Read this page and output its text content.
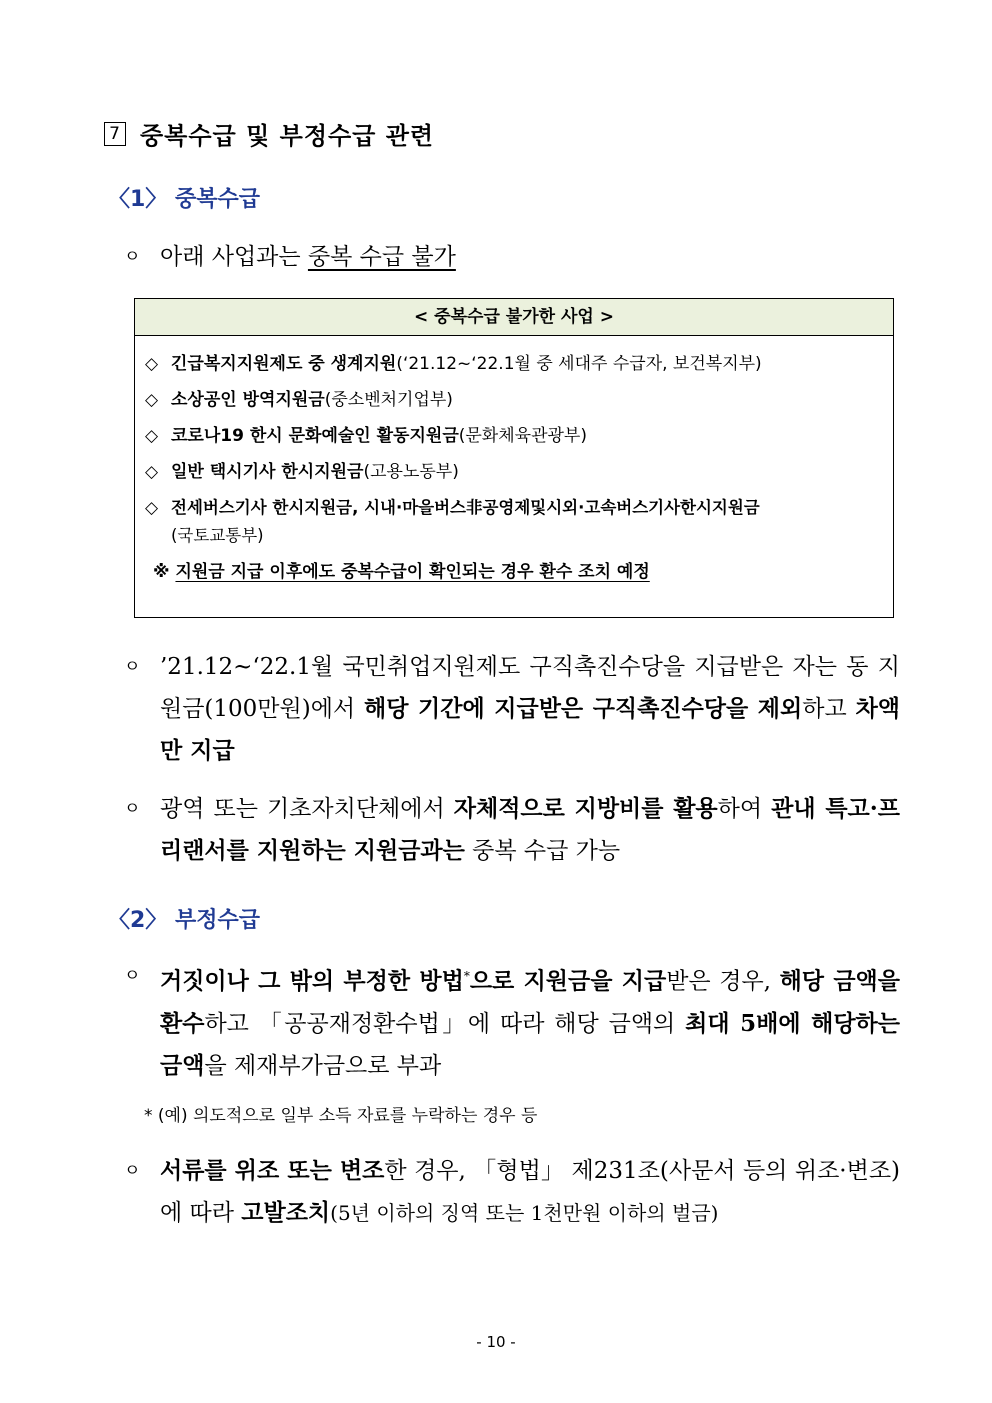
7 중복수급 및 부정수급 관련
〈1〉 중복수급
ㅇ 아래 사업과는 중복 수급 불가
< 중복수급 불가한 사업 >
◇ 긴급복지지원제도 중 생계지원(‘21.12~‘22.1월 중 세대주 수급자, 보건복지부)
◇ 소상공인 방역지원금(중소벤처기업부)
◇ 코로나19 한시 문화예술인 활동지원금(문화체육관광부)
◇ 일반 택시기사 한시지원금(고용노동부)
◇ 전세버스기사 한시지원금, 시내·마을버스非공영제및시외·고속버스기사한시지원금
(국토교통부)
※ 지원금 지급 이후에도 중복수급이 확인되는 경우 환수 조치 예정
ㅇ ’21.12~‘22.1월 국민취업지원제도 구직촉진수당을 지급받은 자는 동 지원금(100만원)에서 해당 기간에 지급받은 구직촉진수당을 제외하고 차액만 지급
ㅇ 광역 또는 기초자치단체에서 자체적으로 지방비를 활용하여 관내 특고·프리랜서를 지원하는 지원금과는 중복 수급 가능
〈2〉 부정수급
ㅇ 거짓이나 그 밖의 부정한 방법*으로 지원금을 지급받은 경우, 해당 금액을 환수하고 「공공재정환수법」에 따라 해당 금액의 최대 5배에 해당하는 금액을 제재부가금으로 부과
* (예) 의도적으로 일부 소득 자료를 누락하는 경우 등
ㅇ 서류를 위조 또는 변조한 경우, 「형법」 제231조(사문서 등의 위조·변조)에 따라 고발조치(5년 이하의 징역 또는 1천만원 이하의 벌금)
- 10 -
